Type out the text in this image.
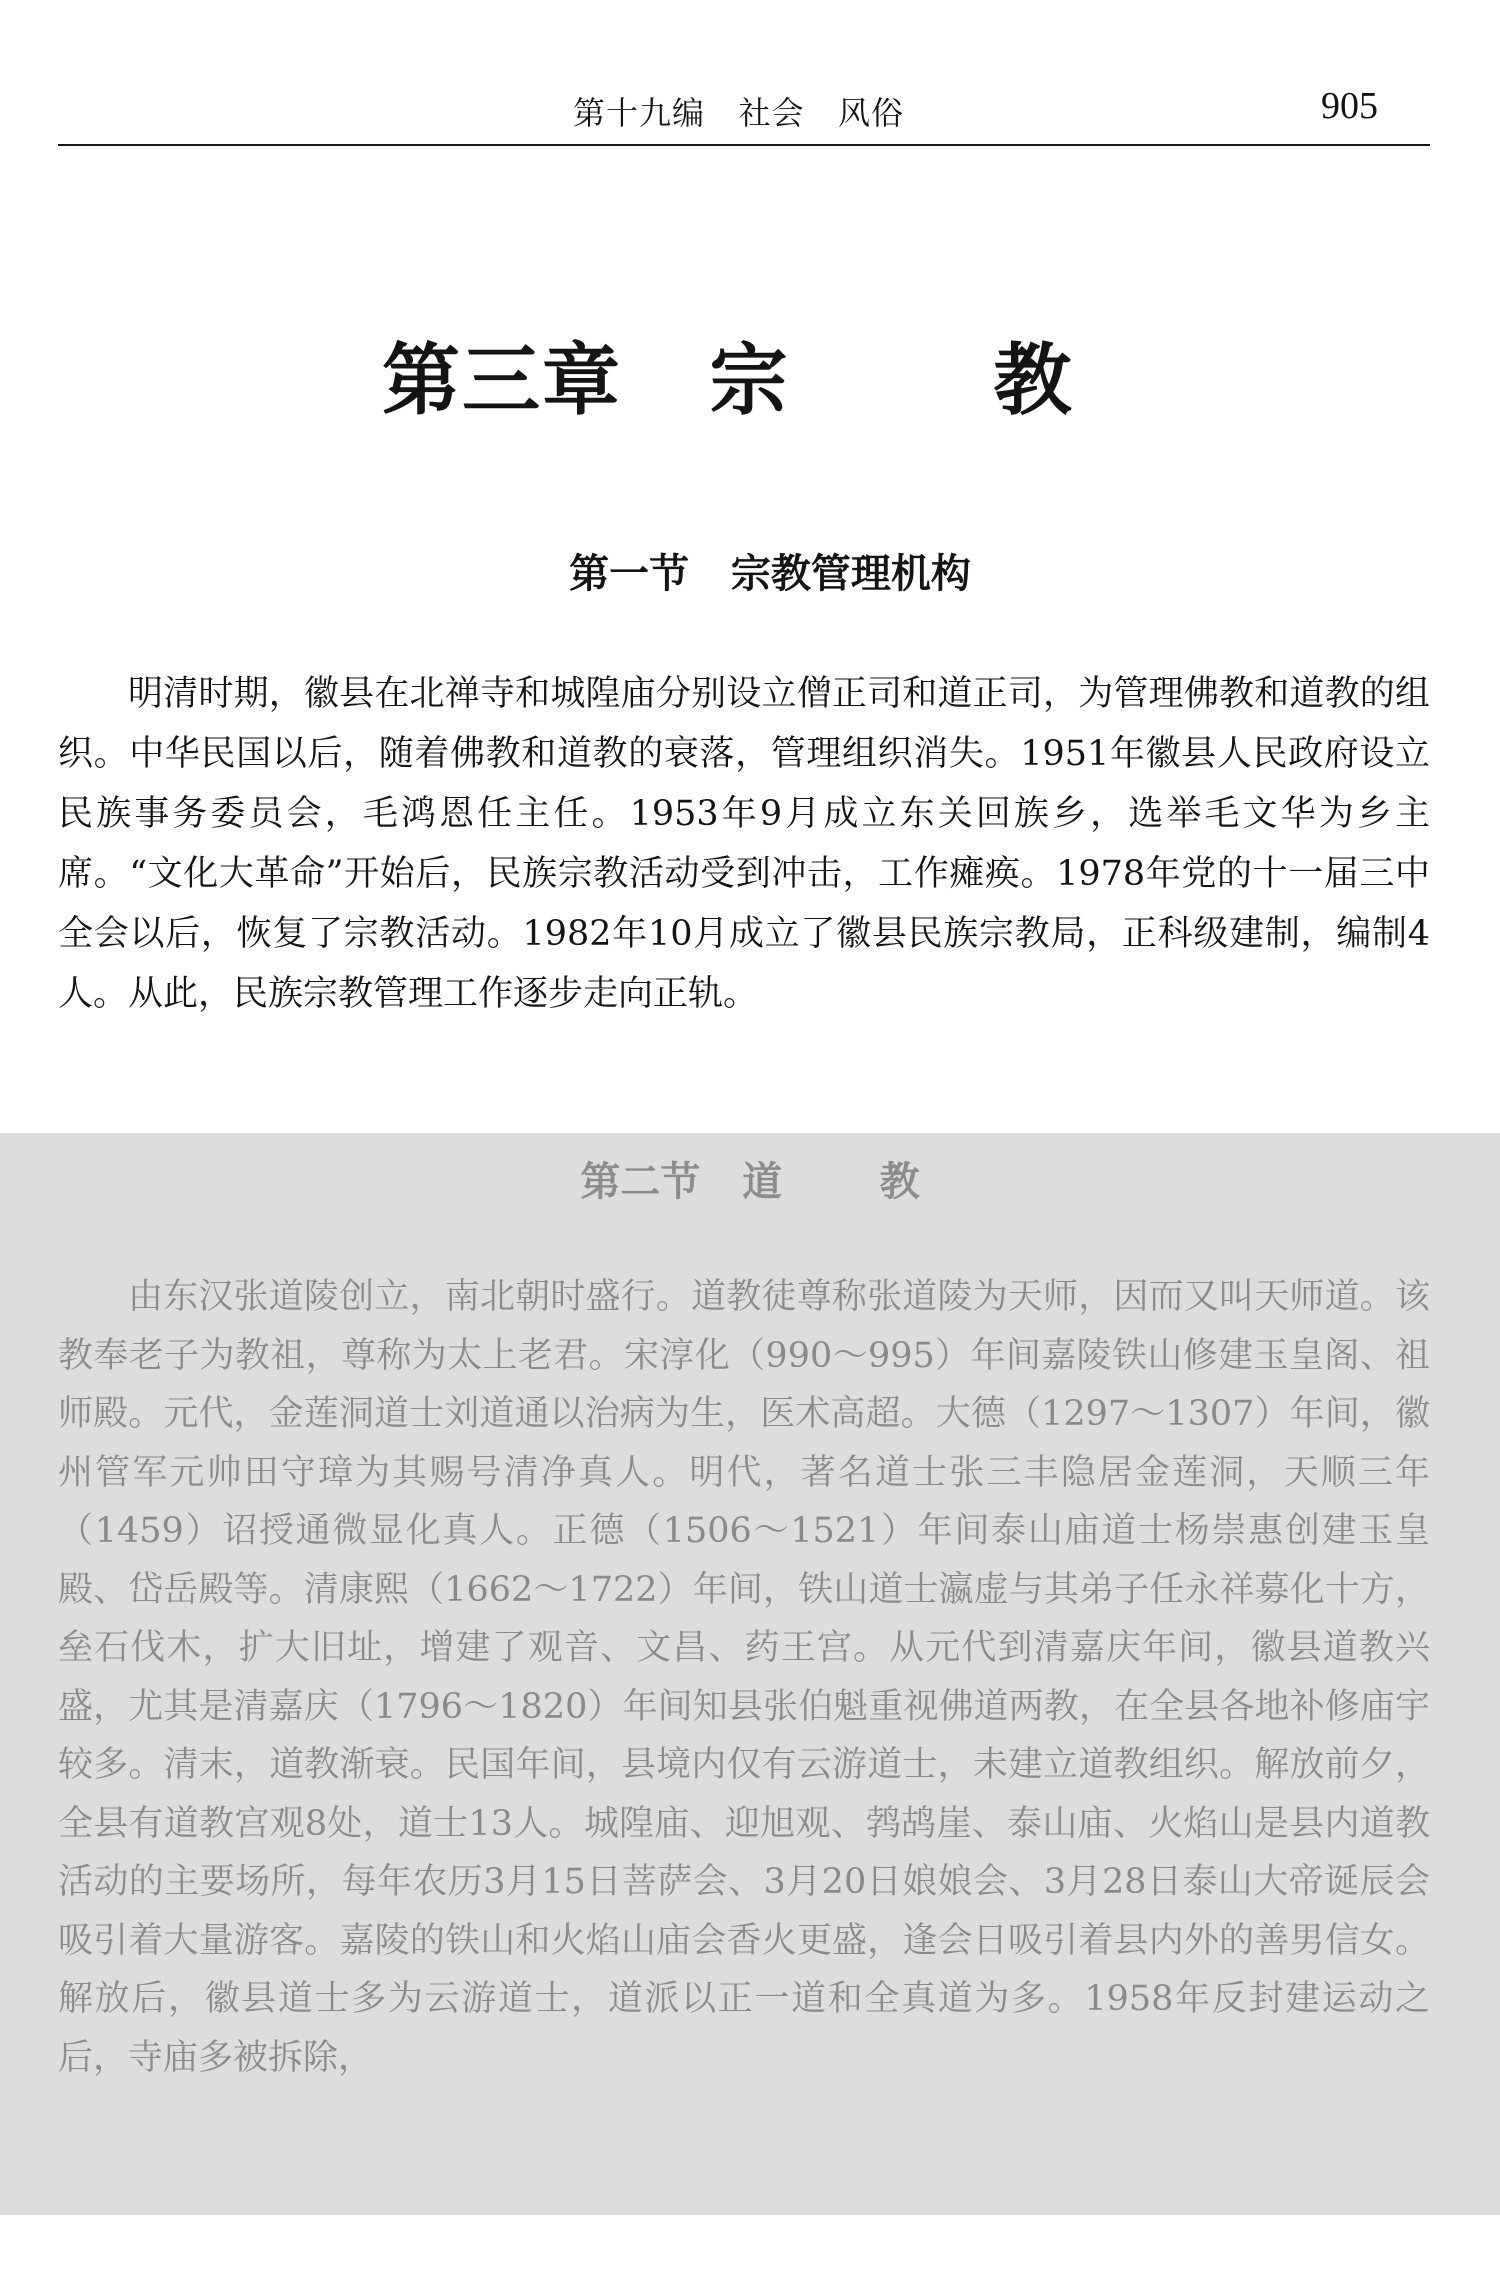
第十九编   社会   风俗	905
第三章   宗       教
第一节   宗教管理机构

明清时期，徽县在北禅寺和城隍庙分别设立僧正司和道正司，为管理佛教和道教的组织。中华民国以后，随着佛教和道教的衰落，管理组织消失。1951年徽县人民政府设立民族事务委员会，毛鸿恩任主任。1953年9月成立东关回族乡，选举毛文华为乡主席。“文化大革命”开始后，民族宗教活动受到冲击，工作瘫痪。1978年党的十一届三中全会以后，恢复了宗教活动。1982年10月成立了徽县民族宗教局，正科级建制，编制4人。从此，民族宗教管理工作逐步走向正轨。

第二节   道       教

由东汉张道陵创立，南北朝时盛行。道教徒尊称张道陵为天师，因而又叫天师道。该教奉老子为教祖，尊称为太上老君。宋淳化（990～995）年间嘉陵铁山修建玉皇阁、祖师殿。元代，金莲洞道士刘道通以治病为生，医术高超。大德（1297～1307）年间，徽州管军元帅田守璋为其赐号清净真人。明代，著名道士张三丰隐居金莲洞，天顺三年（1459）诏授通微显化真人。正德（1506～1521）年间泰山庙道士杨崇惠创建玉皇殿、岱岳殿等。清康熙（1662～1722）年间，铁山道士瀛虚与其弟子任永祥募化十方，垒石伐木，扩大旧址，增建了观音、文昌、药王宫。从元代到清嘉庆年间，徽县道教兴盛，尤其是清嘉庆（1796～1820）年间知县张伯魁重视佛道两教，在全县各地补修庙宇较多。清末，道教渐衰。民国年间，县境内仅有云游道士，未建立道教组织。解放前夕，全县有道教宫观8处，道士13人。城隍庙、迎旭观、鹁鸪崖、泰山庙、火焰山是县内道教活动的主要场所，每年农历3月15日菩萨会、3月20日娘娘会、3月28日泰山大帝诞辰会吸引着大量游客。嘉陵的铁山和火焰山庙会香火更盛，逢会日吸引着县内外的善男信女。解放后，徽县道士多为云游道士，道派以正一道和全真道为多。1958年反封建运动之后，寺庙多被拆除，
